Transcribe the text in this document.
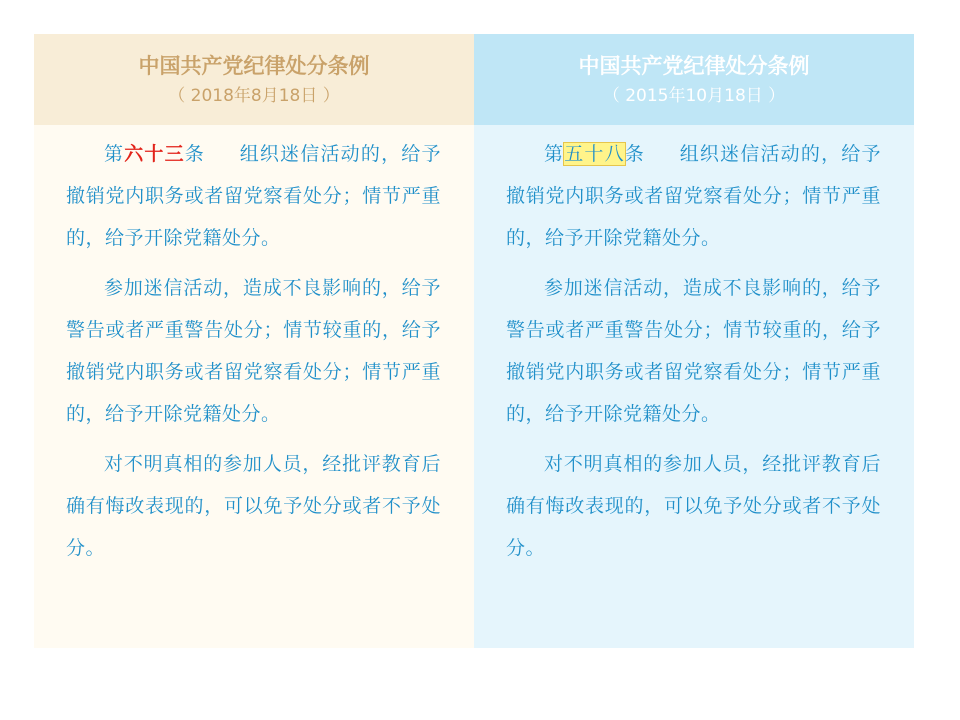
中国共产党纪律处分条例
（ 2018年8月18日 ）

第六十三条 组织迷信活动的，给予撤销党内职务或者留党察看处分；情节严重的，给予开除党籍处分。

参加迷信活动，造成不良影响的，给予警告或者严重警告处分；情节较重的，给予撤销党内职务或者留党察看处分；情节严重的，给予开除党籍处分。

对不明真相的参加人员，经批评教育后确有悔改表现的，可以免予处分或者不予处分。

中国共产党纪律处分条例
（ 2015年10月18日 ）

第五十八条 组织迷信活动的，给予撤销党内职务或者留党察看处分；情节严重的，给予开除党籍处分。

参加迷信活动，造成不良影响的，给予警告或者严重警告处分；情节较重的，给予撤销党内职务或者留党察看处分；情节严重的，给予开除党籍处分。

对不明真相的参加人员，经批评教育后确有悔改表现的，可以免予处分或者不予处分。
